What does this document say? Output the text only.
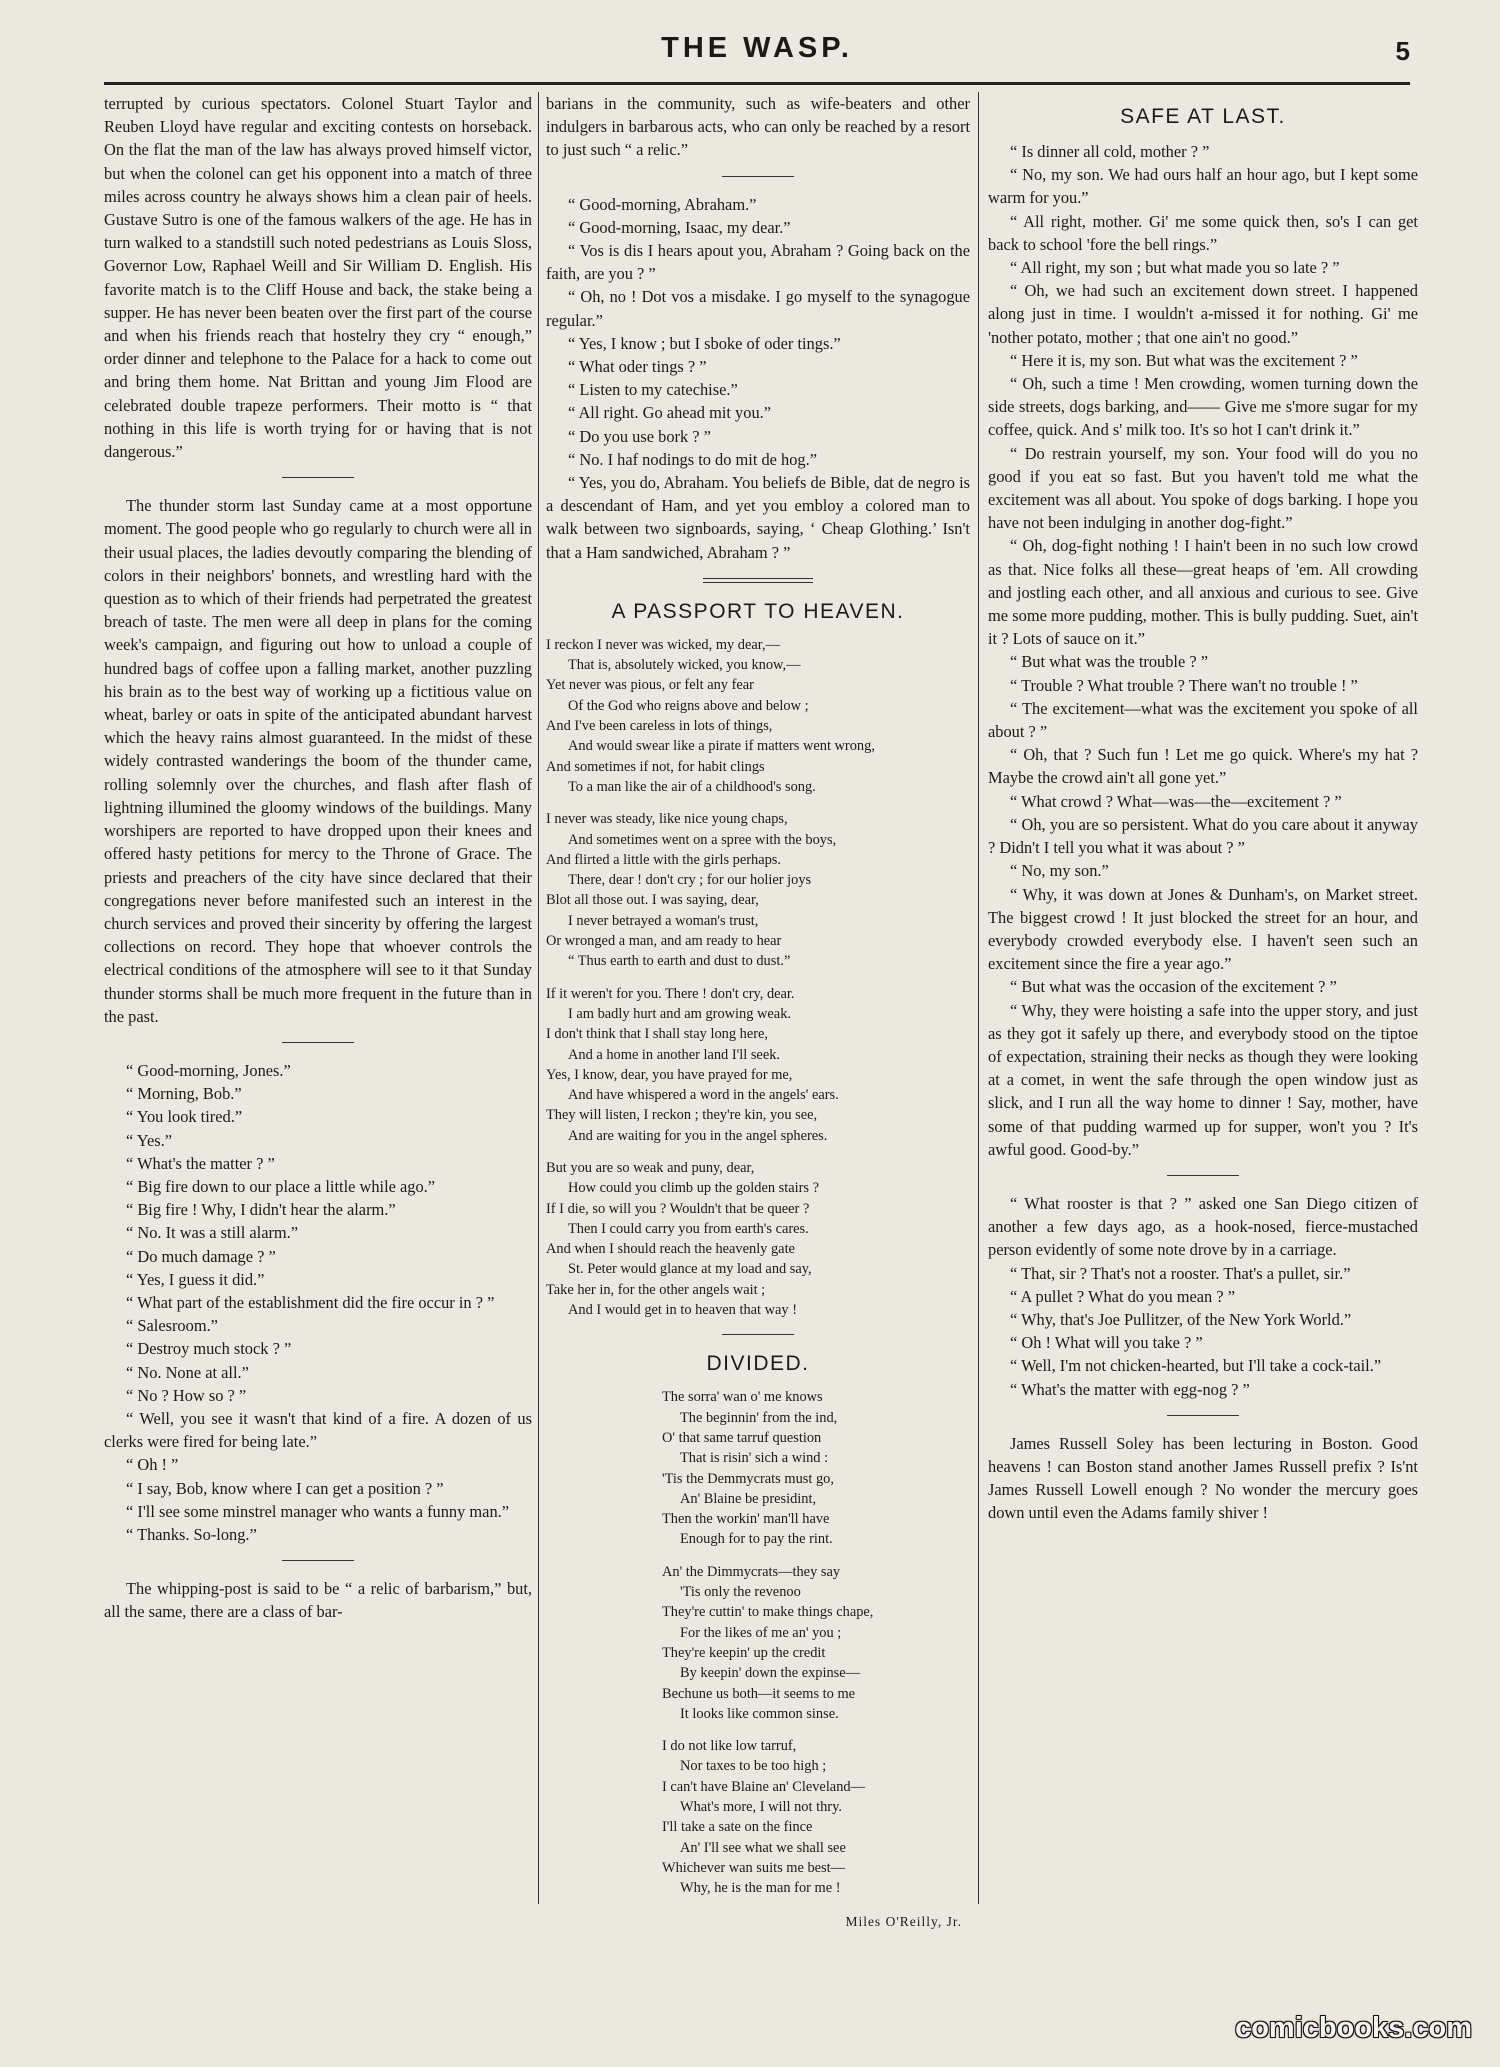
THE WASP.	5

terrupted by curious spectators. Colonel Stuart Taylor and Reuben Lloyd have regular and exciting contests on horseback. On the flat the man of the law has always proved himself victor, but when the colonel can get his opponent into a match of three miles across country he always shows him a clean pair of heels. Gustave Sutro is one of the famous walkers of the age. He has in turn walked to a standstill such noted pedestrians as Louis Sloss, Governor Low, Raphael Weill and Sir William D. English. His favorite match is to the Cliff House and back, the stake being a supper. He has never been beaten over the first part of the course and when his friends reach that hostelry they cry “ enough,” order dinner and telephone to the Palace for a hack to come out and bring them home. Nat Brittan and young Jim Flood are celebrated double trapeze performers. Their motto is “ that nothing in this life is worth trying for or having that is not dangerous.”

The thunder storm last Sunday came at a most opportune moment. The good people who go regularly to church were all in their usual places, the ladies devoutly comparing the blending of colors in their neighbors' bonnets, and wrestling hard with the question as to which of their friends had perpetrated the greatest breach of taste. The men were all deep in plans for the coming week's campaign, and figuring out how to unload a couple of hundred bags of coffee upon a falling market, another puzzling his brain as to the best way of working up a fictitious value on wheat, barley or oats in spite of the anticipated abundant harvest which the heavy rains almost guaranteed. In the midst of these widely contrasted wanderings the boom of the thunder came, rolling solemnly over the churches, and flash after flash of lightning illumined the gloomy windows of the buildings. Many worshipers are reported to have dropped upon their knees and offered hasty petitions for mercy to the Throne of Grace. The priests and preachers of the city have since declared that their congregations never before manifested such an interest in the church services and proved their sincerity by offering the largest collections on record. They hope that whoever controls the electrical conditions of the atmosphere will see to it that Sunday thunder storms shall be much more frequent in the future than in the past.

“ Good-morning, Jones.”

“ Morning, Bob.”

“ You look tired.”

“ Yes.”

“ What's the matter ? ”

“ Big fire down to our place a little while ago.”

“ Big fire ! Why, I didn't hear the alarm.”

“ No. It was a still alarm.”

“ Do much damage ? ”

“ Yes, I guess it did.”

“ What part of the establishment did the fire occur in ? ”

“ Salesroom.”

“ Destroy much stock ? ”

“ No. None at all.”

“ No ? How so ? ”

“ Well, you see it wasn't that kind of a fire. A dozen of us clerks were fired for being late.”

“ Oh ! ”

“ I say, Bob, know where I can get a position ? ”

“ I'll see some minstrel manager who wants a funny man.”

“ Thanks. So-long.”

The whipping-post is said to be “ a relic of barbarism,” but, all the same, there are a class of bar-

barians in the community, such as wife-beaters and other indulgers in barbarous acts, who can only be reached by a resort to just such “ a relic.”

“ Good-morning, Abraham.”

“ Good-morning, Isaac, my dear.”

“ Vos is dis I hears apout you, Abraham ? Going back on the faith, are you ? ”

“ Oh, no ! Dot vos a misdake. I go myself to the synagogue regular.”

“ Yes, I know ; but I sboke of oder tings.”

“ What oder tings ? ”

“ Listen to my catechise.”

“ All right. Go ahead mit you.”

“ Do you use bork ? ”

“ No. I haf nodings to do mit de hog.”

“ Yes, you do, Abraham. You beliefs de Bible, dat de negro is a descendant of Ham, and yet you embloy a colored man to walk between two signboards, saying, ‘ Cheap Glothing.’ Isn't that a Ham sandwiched, Abraham ? ”

A PASSPORT TO HEAVEN.
I reckon I never was wicked, my dear,—
That is, absolutely wicked, you know,—
Yet never was pious, or felt any fear
Of the God who reigns above and below ;
And I've been careless in lots of things,
And would swear like a pirate if matters went wrong,
And sometimes if not, for habit clings
To a man like the air of a childhood's song.
I never was steady, like nice young chaps,
And sometimes went on a spree with the boys,
And flirted a little with the girls perhaps.
There, dear ! don't cry ; for our holier joys
Blot all those out. I was saying, dear,
I never betrayed a woman's trust,
Or wronged a man, and am ready to hear
“ Thus earth to earth and dust to dust.”
If it weren't for you. There ! don't cry, dear.
I am badly hurt and am growing weak.
I don't think that I shall stay long here,
And a home in another land I'll seek.
Yes, I know, dear, you have prayed for me,
And have whispered a word in the angels' ears.
They will listen, I reckon ; they're kin, you see,
And are waiting for you in the angel spheres.
But you are so weak and puny, dear,
How could you climb up the golden stairs ?
If I die, so will you ? Wouldn't that be queer ?
Then I could carry you from earth's cares.
And when I should reach the heavenly gate
St. Peter would glance at my load and say,
Take her in, for the other angels wait ;
And I would get in to heaven that way !
DIVIDED.
The sorra' wan o' me knows
The beginnin' from the ind,
O' that same tarruf question
That is risin' sich a wind :
'Tis the Demmycrats must go,
An' Blaine be presidint,
Then the workin' man'll have
Enough for to pay the rint.
An' the Dimmycrats—they say
'Tis only the revenoo
They're cuttin' to make things chape,
For the likes of me an' you ;
They're keepin' up the credit
By keepin' down the expinse—
Bechune us both—it seems to me
It looks like common sinse.
I do not like low tarruf,
Nor taxes to be too high ;
I can't have Blaine an' Cleveland—
What's more, I will not thry.
I'll take a sate on the fince
An' I'll see what we shall see
Whichever wan suits me best—
Why, he is the man for me !
Miles O'Reilly, Jr.
SAFE AT LAST.

“ Is dinner all cold, mother ? ”

“ No, my son. We had ours half an hour ago, but I kept some warm for you.”

“ All right, mother. Gi' me some quick then, so's I can get back to school 'fore the bell rings.”

“ All right, my son ; but what made you so late ? ”

“ Oh, we had such an excitement down street. I happened along just in time. I wouldn't a-missed it for nothing. Gi' me 'nother potato, mother ; that one ain't no good.”

“ Here it is, my son. But what was the excitement ? ”

“ Oh, such a time ! Men crowding, women turning down the side streets, dogs barking, and—— Give me s'more sugar for my coffee, quick. And s' milk too. It's so hot I can't drink it.”

“ Do restrain yourself, my son. Your food will do you no good if you eat so fast. But you haven't told me what the excitement was all about. You spoke of dogs barking. I hope you have not been indulging in another dog-fight.”

“ Oh, dog-fight nothing ! I hain't been in no such low crowd as that. Nice folks all these—great heaps of 'em. All crowding and jostling each other, and all anxious and curious to see. Give me some more pudding, mother. This is bully pudding. Suet, ain't it ? Lots of sauce on it.”

“ But what was the trouble ? ”

“ Trouble ? What trouble ? There wan't no trouble ! ”

“ The excitement—what was the excitement you spoke of all about ? ”

“ Oh, that ? Such fun ! Let me go quick. Where's my hat ? Maybe the crowd ain't all gone yet.”

“ What crowd ? What—was—the—excitement ? ”

“ Oh, you are so persistent. What do you care about it anyway ? Didn't I tell you what it was about ? ”

“ No, my son.”

“ Why, it was down at Jones & Dunham's, on Market street. The biggest crowd ! It just blocked the street for an hour, and everybody crowded everybody else. I haven't seen such an excitement since the fire a year ago.”

“ But what was the occasion of the excitement ? ”

“ Why, they were hoisting a safe into the upper story, and just as they got it safely up there, and everybody stood on the tiptoe of expectation, straining their necks as though they were looking at a comet, in went the safe through the open window just as slick, and I run all the way home to dinner ! Say, mother, have some of that pudding warmed up for supper, won't you ? It's awful good. Good-by.”

“ What rooster is that ? ” asked one San Diego citizen of another a few days ago, as a hook-nosed, fierce-mustached person evidently of some note drove by in a carriage.

“ That, sir ? That's not a rooster. That's a pullet, sir.”

“ A pullet ? What do you mean ? ”

“ Why, that's Joe Pullitzer, of the New York World.”

“ Oh ! What will you take ? ”

“ Well, I'm not chicken-hearted, but I'll take a cock-tail.”

“ What's the matter with egg-nog ? ”

James Russell Soley has been lecturing in Boston. Good heavens ! can Boston stand another James Russell prefix ? Is'nt James Russell Lowell enough ? No wonder the mercury goes down until even the Adams family shiver !

comicbooks.com
